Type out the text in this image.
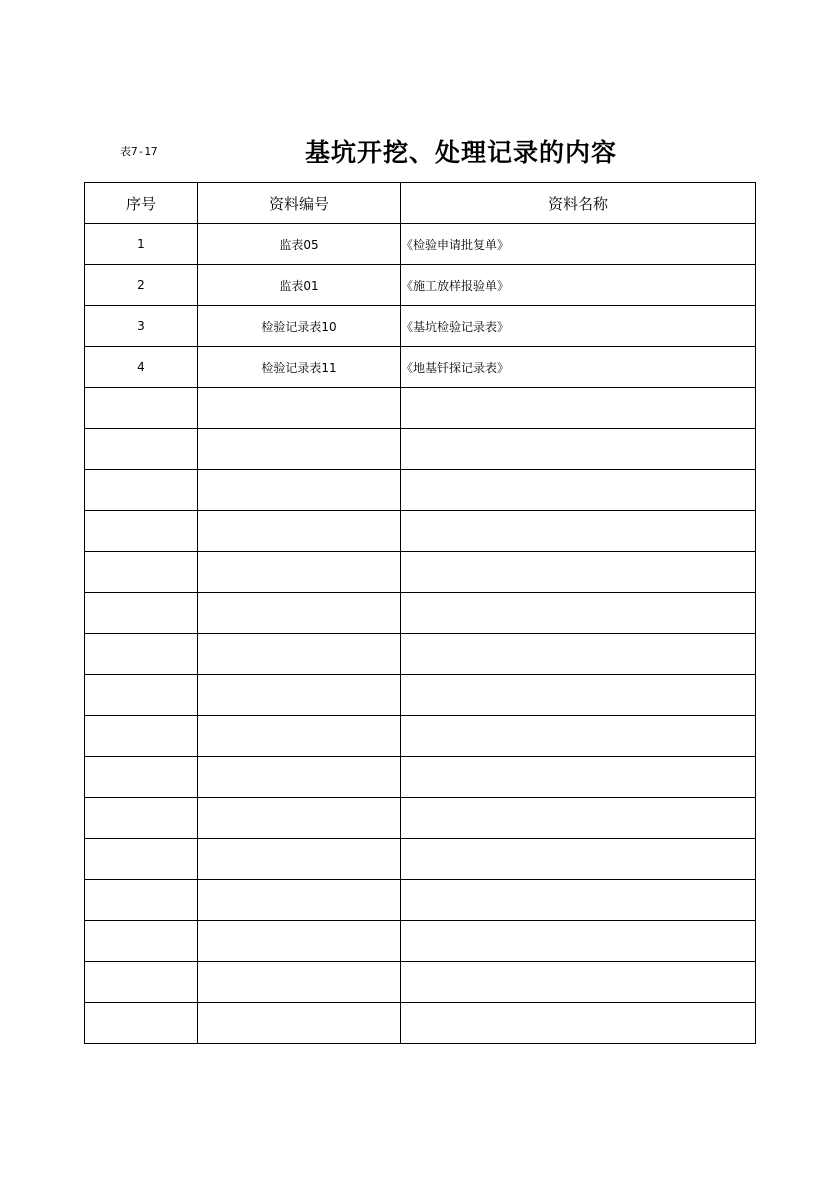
表7-17	基坑开挖、处理记录的内容
序号	资料编号	资料名称
1	监表05	《检验申请批复单》
2	监表01	《施工放样报验单》
3	检验记录表10	《基坑检验记录表》
4	检验记录表11	《地基钎探记录表》
